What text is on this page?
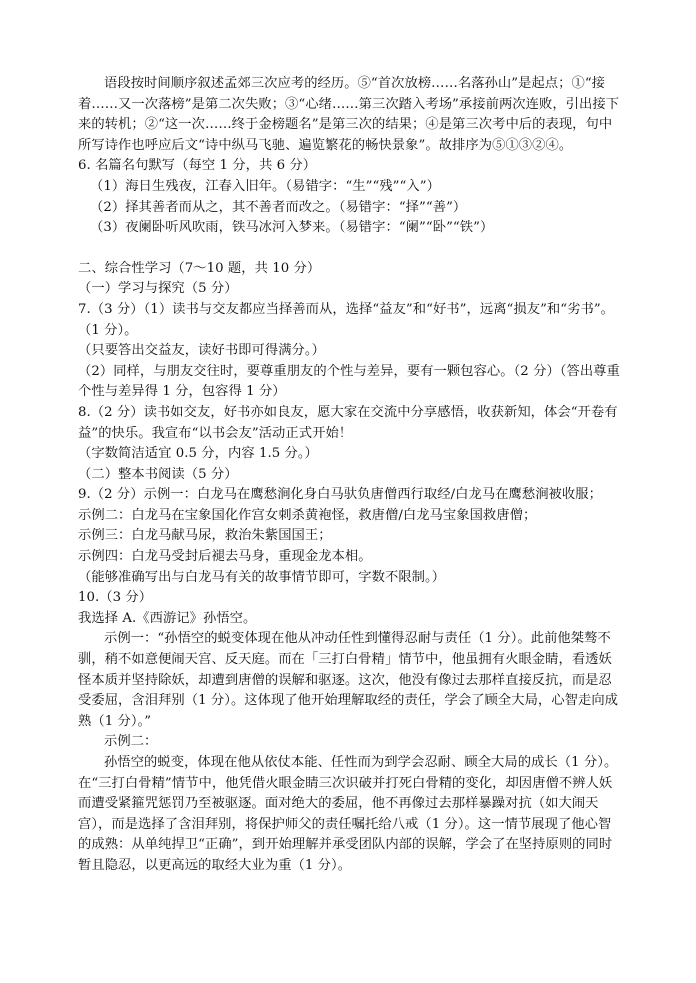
语段按时间顺序叙述孟郊三次应考的经历。⑤“首次放榜……名落孙山”是起点；①“接着……又一次落榜”是第二次失败；③“心绪……第三次踏入考场”承接前两次连败，引出接下来的转机；②“这一次……终于金榜题名”是第三次的结果；④是第三次考中后的表现，句中所写诗作也呼应后文“诗中纵马飞驰、遍览繁花的畅快景象”。故排序为⑤①③②④。

6. 名篇名句默写（每空 1 分，共 6 分）

（1）海日生残夜，江春入旧年。（易错字：“生”“残”“入”）

（2）择其善者而从之，其不善者而改之。（易错字：“择”“善”）

（3）夜阑卧听风吹雨，铁马冰河入梦来。（易错字：“阑”“卧”“铁”）

二、综合性学习（7～10 题，共 10 分）

（一）学习与探究（5 分）

7.（3 分）（1）读书与交友都应当择善而从，选择“益友”和“好书”，远离“损友”和“劣书”。（1 分）。

（只要答出交益友，读好书即可得满分。）

（2）同样，与朋友交往时，要尊重朋友的个性与差异，要有一颗包容心。（2 分）（答出尊重个性与差异得 1 分，包容得 1 分）

8.（2 分）读书如交友，好书亦如良友，愿大家在交流中分享感悟，收获新知，体会“开卷有益”的快乐。我宣布“以书会友”活动正式开始！

（字数简洁适宜 0.5 分，内容 1.5 分。）

（二）整本书阅读（5 分）

9.（2 分）示例一：白龙马在鹰愁涧化身白马驮负唐僧西行取经/白龙马在鹰愁涧被收服；

示例二：白龙马在宝象国化作宫女刺杀黄袍怪，救唐僧/白龙马宝象国救唐僧；

示例三：白龙马献马尿，救治朱紫国国王；

示例四：白龙马受封后褪去马身，重现金龙本相。

（能够准确写出与白龙马有关的故事情节即可，字数不限制。）

10.（3 分）

我选择 A.《西游记》孙悟空。

示例一：“孙悟空的蜕变体现在他从冲动任性到懂得忍耐与责任（1 分）。此前他桀骜不驯，稍不如意便闹天宫、反天庭。而在「三打白骨精」情节中，他虽拥有火眼金睛，看透妖怪本质并坚持除妖，却遭到唐僧的误解和驱逐。这次，他没有像过去那样直接反抗，而是忍受委屈，含泪拜别（1 分）。这体现了他开始理解取经的责任，学会了顾全大局，心智走向成熟（1 分）。”

示例二：

孙悟空的蜕变，体现在他从依仗本能、任性而为到学会忍耐、顾全大局的成长（1 分）。在“三打白骨精”情节中，他凭借火眼金睛三次识破并打死白骨精的变化，却因唐僧不辨人妖而遭受紧箍咒惩罚乃至被驱逐。面对绝大的委屈，他不再像过去那样暴躁对抗（如大闹天宫），而是选择了含泪拜别，将保护师父的责任嘱托给八戒（1 分）。这一情节展现了他心智的成熟：从单纯捍卫“正确”，到开始理解并承受团队内部的误解，学会了在坚持原则的同时暂且隐忍，以更高远的取经大业为重（1 分）。
